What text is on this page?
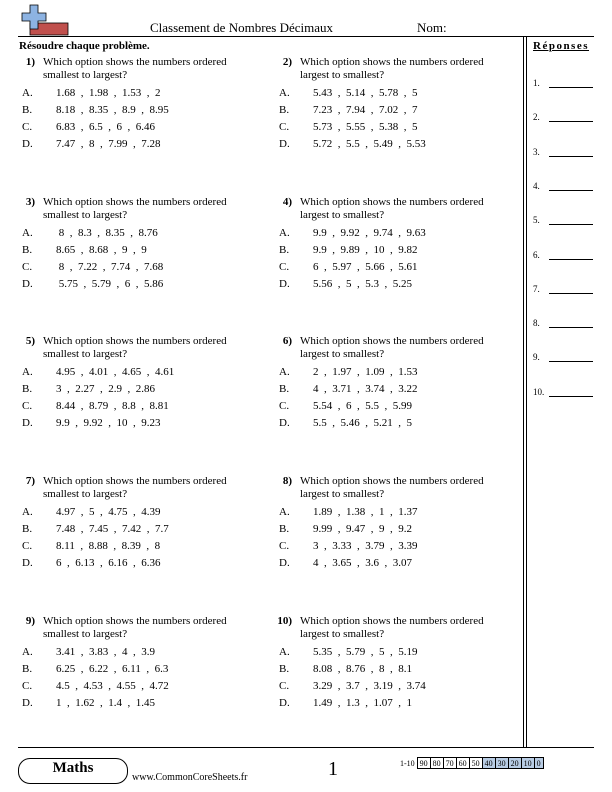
Classement de Nombres Décimaux	Nom:
Résoudre chaque problème.
1) Which option shows the numbers ordered smallest to largest?
A. 1.68  ,  1.98  ,  1.53  ,  2
B. 8.18  ,  8.35  ,  8.9  ,  8.95
C. 6.83  ,  6.5  ,  6  ,  6.46
D. 7.47  ,  8  ,  7.99  ,  7.28
2) Which option shows the numbers ordered largest to smallest?
A. 5.43  ,  5.14  ,  5.78  ,  5
B. 7.23  ,  7.94  ,  7.02  ,  7
C. 5.73  ,  5.55  ,  5.38  ,  5
D. 5.72  ,  5.5  ,  5.49  ,  5.53
3) Which option shows the numbers ordered smallest to largest?
A. 8  ,  8.3  ,  8.35  ,  8.76
B. 8.65  ,  8.68  ,  9  ,  9
C. 8  ,  7.22  ,  7.74  ,  7.68
D. 5.75  ,  5.79  ,  6  ,  5.86
4) Which option shows the numbers ordered largest to smallest?
A. 9.9  ,  9.92  ,  9.74  ,  9.63
B. 9.9  ,  9.89  ,  10  ,  9.82
C. 6  ,  5.97  ,  5.66  ,  5.61
D. 5.56  ,  5  ,  5.3  ,  5.25
5) Which option shows the numbers ordered smallest to largest?
A. 4.95  ,  4.01  ,  4.65  ,  4.61
B. 3  ,  2.27  ,  2.9  ,  2.86
C. 8.44  ,  8.79  ,  8.8  ,  8.81
D. 9.9  ,  9.92  ,  10  ,  9.23
6) Which option shows the numbers ordered largest to smallest?
A. 2  ,  1.97  ,  1.09  ,  1.53
B. 4  ,  3.71  ,  3.74  ,  3.22
C. 5.54  ,  6  ,  5.5  ,  5.99
D. 5.5  ,  5.46  ,  5.21  ,  5
7) Which option shows the numbers ordered smallest to largest?
A. 4.97  ,  5  ,  4.75  ,  4.39
B. 7.48  ,  7.45  ,  7.42  ,  7.7
C. 8.11  ,  8.88  ,  8.39  ,  8
D. 6  ,  6.13  ,  6.16  ,  6.36
8) Which option shows the numbers ordered largest to smallest?
A. 1.89  ,  1.38  ,  1  ,  1.37
B. 9.99  ,  9.47  ,  9  ,  9.2
C. 3  ,  3.33  ,  3.79  ,  3.39
D. 4  ,  3.65  ,  3.6  ,  3.07
9) Which option shows the numbers ordered smallest to largest?
A. 3.41  ,  3.83  ,  4  ,  3.9
B. 6.25  ,  6.22  ,  6.11  ,  6.3
C. 4.5  ,  4.53  ,  4.55  ,  4.72
D. 1  ,  1.62  ,  1.4  ,  1.45
10) Which option shows the numbers ordered largest to smallest?
A. 5.35  ,  5.79  ,  5  ,  5.19
B. 8.08  ,  8.76  ,  8  ,  8.1
C. 3.29  ,  3.7  ,  3.19  ,  3.74
D. 1.49  ,  1.3  ,  1.07  ,  1
Réponses
1.
2.
3.
4.
5.
6.
7.
8.
9.
10.
Maths
www.CommonCoreSheets.fr	1	1-10	90	80	70	60	50	40	30	20	10	0
